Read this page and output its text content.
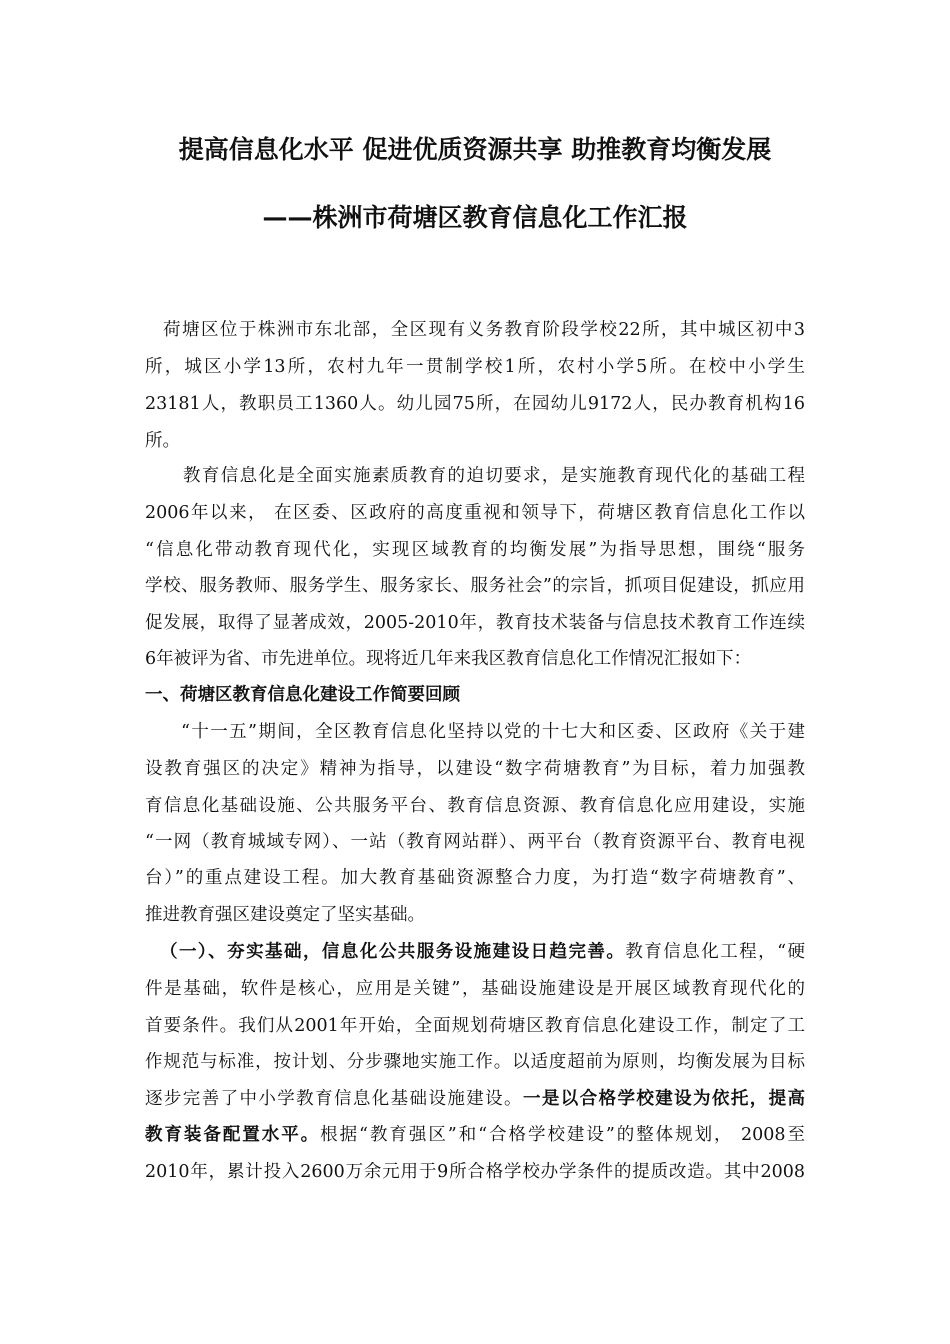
提高信息化水平 促进优质资源共享 助推教育均衡发展
——株洲市荷塘区教育信息化工作汇报
荷塘区位于株洲市东北部，全区现有义务教育阶段学校22所，其中城区初中3
所，城区小学13所，农村九年一贯制学校1所，农村小学5所。在校中小学生
23181人，教职员工1360人。幼儿园75所，在园幼儿9172人，民办教育机构16
所。
教育信息化是全面实施素质教育的迫切要求，是实施教育现代化的基础工程
2006年以来， 在区委、区政府的高度重视和领导下，荷塘区教育信息化工作以
“信息化带动教育现代化，实现区域教育的均衡发展”为指导思想，围绕“服务
学校、服务教师、服务学生、服务家长、服务社会”的宗旨，抓项目促建设，抓应用
促发展，取得了显著成效，2005-2010年，教育技术装备与信息技术教育工作连续
6年被评为省、市先进单位。现将近几年来我区教育信息化工作情况汇报如下：
一、荷塘区教育信息化建设工作简要回顾
“十一五”期间，全区教育信息化坚持以党的十七大和区委、区政府《关于建
设教育强区的决定》精神为指导，以建设“数字荷塘教育”为目标，着力加强教
育信息化基础设施、公共服务平台、教育信息资源、教育信息化应用建设，实施
“一网（教育城域专网）、一站（教育网站群）、两平台（教育资源平台、教育电视
台）”的重点建设工程。加大教育基础资源整合力度，为打造“数字荷塘教育”、
推进教育强区建设奠定了坚实基础。
（一）、夯实基础，信息化公共服务设施建设日趋完善。教育信息化工程，“硬
件是基础，软件是核心，应用是关键”，基础设施建设是开展区域教育现代化的
首要条件。我们从2001年开始，全面规划荷塘区教育信息化建设工作，制定了工
作规范与标准，按计划、分步骤地实施工作。以适度超前为原则，均衡发展为目标
逐步完善了中小学教育信息化基础设施建设。一是以合格学校建设为依托，提高
教育装备配置水平。根据“教育强区”和“合格学校建设”的整体规划， 2008至
2010年，累计投入2600万余元用于9所合格学校办学条件的提质改造。其中2008
